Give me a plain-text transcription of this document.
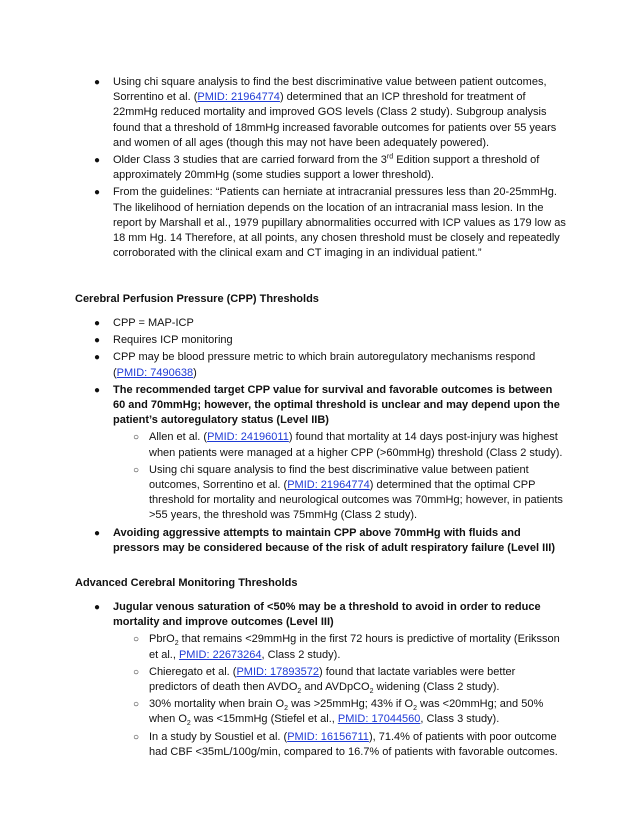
● Using chi square analysis to find the best discriminative value between patient outcomes, Sorrentino et al. (PMID: 21964774) determined that an ICP threshold for treatment of 22mmHg reduced mortality and improved GOS levels (Class 2 study). Subgroup analysis found that a threshold of 18mmHg increased favorable outcomes for patients over 55 years and women of all ages (though this may not have been adequately powered).
● Older Class 3 studies that are carried forward from the 3rd Edition support a threshold of approximately 20mmHg (some studies support a lower threshold).
● From the guidelines: “Patients can herniate at intracranial pressures less than 20-25mmHg. The likelihood of herniation depends on the location of an intracranial mass lesion. In the report by Marshall et al., 1979 pupillary abnormalities occurred with ICP values as 179 low as 18 mm Hg. 14 Therefore, at all points, any chosen threshold must be closely and repeatedly corroborated with the clinical exam and CT imaging in an individual patient.”
Cerebral Perfusion Pressure (CPP) Thresholds
● CPP = MAP-ICP
● Requires ICP monitoring
● CPP may be blood pressure metric to which brain autoregulatory mechanisms respond (PMID: 7490638)
● The recommended target CPP value for survival and favorable outcomes is between 60 and 70mmHg; however, the optimal threshold is unclear and may depend upon the patient’s autoregulatory status (Level IIB)
○ Allen et al. (PMID: 24196011) found that mortality at 14 days post-injury was highest when patients were managed at a higher CPP (>60mmHg) threshold (Class 2 study).
○ Using chi square analysis to find the best discriminative value between patient outcomes, Sorrentino et al. (PMID: 21964774) determined that the optimal CPP threshold for mortality and neurological outcomes was 70mmHg; however, in patients >55 years, the threshold was 75mmHg (Class 2 study).
● Avoiding aggressive attempts to maintain CPP above 70mmHg with fluids and pressors may be considered because of the risk of adult respiratory failure (Level III)
Advanced Cerebral Monitoring Thresholds
● Jugular venous saturation of <50% may be a threshold to avoid in order to reduce mortality and improve outcomes (Level III)
○ PbrO$_2$ that remains <29mmHg in the first 72 hours is predictive of mortality (Eriksson et al., PMID: 22673264, Class 2 study).
○ Chieregato et al. (PMID: 17893572) found that lactate variables were better predictors of death then $AVDO_2$ and AVDpCO$_2$ widening (Class 2 study).
○ 30% mortality when brain $O_2$ was >25mmHg; 43% if $O_2$ was <20mmHg; and 50% when $O_2$ was <15mmHg (Stiefel et al., PMID: 17044560, Class 3 study).
○ In a study by Soustiel et al. (PMID: 16156711), 71.4% of patients with poor outcome had CBF <35mL/100g/min, compared to 16.7% of patients with favorable outcomes.
